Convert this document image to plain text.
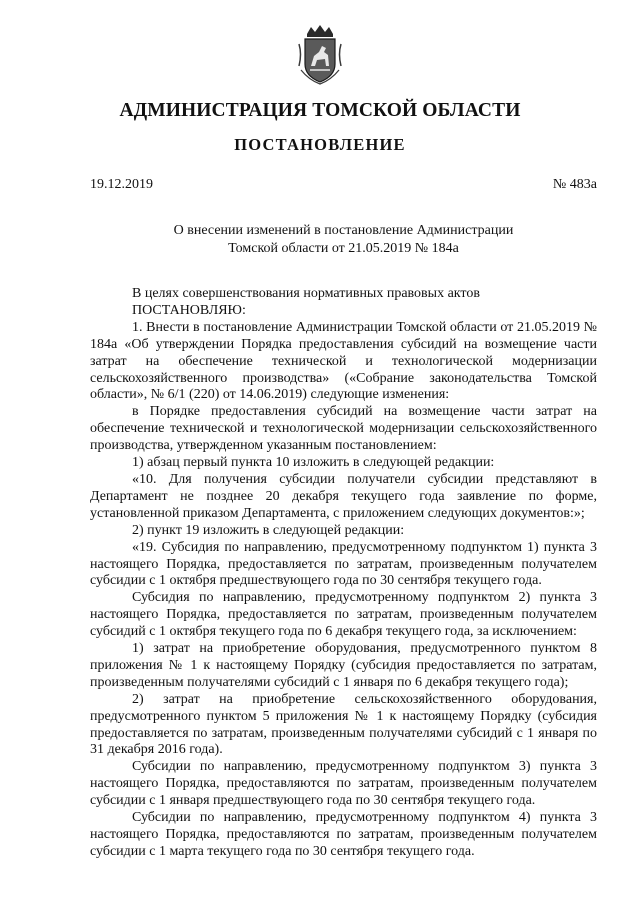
АДМИНИСТРАЦИЯ ТОМСКОЙ ОБЛАСТИ
ПОСТАНОВЛЕНИЕ
19.12.2019	№ 483а
О внесении изменений в постановление Администрации
Томской области от 21.05.2019 № 184а

В целях совершенствования нормативных правовых актов

ПОСТАНОВЛЯЮ:

1. Внести в постановление Администрации Томской области от 21.05.2019 № 184а «Об утверждении Порядка предоставления субсидий на возмещение части затрат на обеспечение технической и технологической модернизации сельскохозяйственного производства» («Собрание законодательства Томской области», № 6/1 (220) от 14.06.2019) следующие изменения:

в Порядке предоставления субсидий на возмещение части затрат на обеспечение технической и технологической модернизации сельскохозяйственного производства, утвержденном указанным постановлением:

1) абзац первый пункта 10 изложить в следующей редакции:

«10. Для получения субсидии получатели субсидии представляют в Департамент не позднее 20 декабря текущего года заявление по форме, установленной приказом Департамента, с приложением следующих документов:»;

2) пункт 19 изложить в следующей редакции:

«19. Субсидия по направлению, предусмотренному подпунктом 1) пункта 3 настоящего Порядка, предоставляется по затратам, произведенным получателем субсидии с 1 октября предшествующего года по 30 сентября текущего года.

Субсидия по направлению, предусмотренному подпунктом 2) пункта 3 настоящего Порядка, предоставляется по затратам, произведенным получателем субсидий с 1 октября текущего года по 6 декабря текущего года, за исключением:

1) затрат на приобретение оборудования, предусмотренного пунктом 8 приложения № 1 к настоящему Порядку (субсидия предоставляется по затратам, произведенным получателями субсидий с 1 января по 6 декабря текущего года);

2) затрат на приобретение сельскохозяйственного оборудования, предусмотренного пунктом 5 приложения № 1 к настоящему Порядку (субсидия предоставляется по затратам, произведенным получателями субсидий с 1 января по 31 декабря 2016 года).

Субсидии по направлению, предусмотренному подпунктом 3) пункта 3 настоящего Порядка, предоставляются по затратам, произведенным получателем субсидии с 1 января предшествующего года по 30 сентября текущего года.

Субсидии по направлению, предусмотренному подпунктом 4) пункта 3 настоящего Порядка, предоставляются по затратам, произведенным получателем субсидии с 1 марта текущего года по 30 сентября текущего года.
